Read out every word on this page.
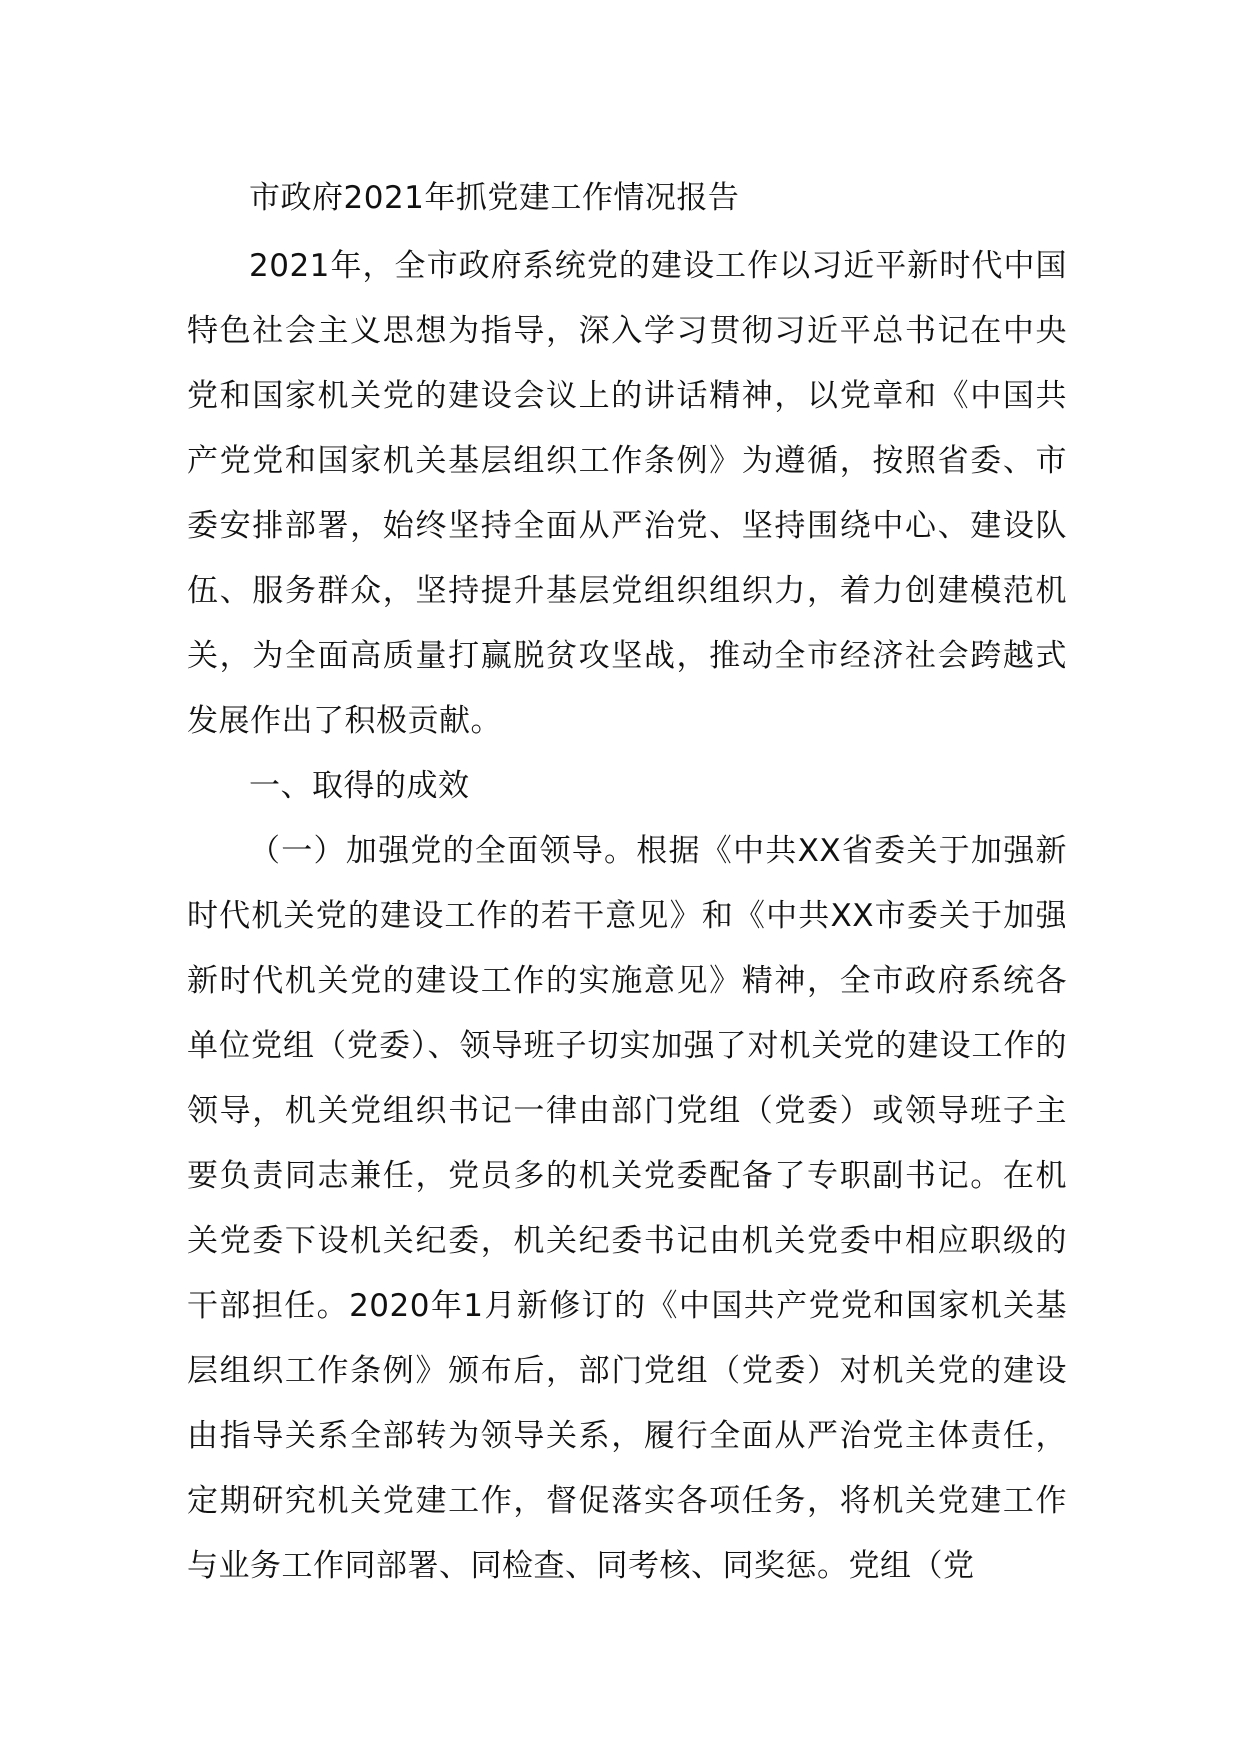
市政府2021年抓党建工作情况报告

2021年，全市政府系统党的建设工作以习近平新时代中国特色社会主义思想为指导，深入学习贯彻习近平总书记在中央党和国家机关党的建设会议上的讲话精神，以党章和《中国共产党党和国家机关基层组织工作条例》为遵循，按照省委、市委安排部署，始终坚持全面从严治党、坚持围绕中心、建设队伍、服务群众，坚持提升基层党组织组织力，着力创建模范机关，为全面高质量打赢脱贫攻坚战，推动全市经济社会跨越式发展作出了积极贡献。

一、取得的成效

（一）加强党的全面领导。根据《中共XX省委关于加强新时代机关党的建设工作的若干意见》和《中共XX市委关于加强新时代机关党的建设工作的实施意见》精神，全市政府系统各单位党组（党委）、领导班子切实加强了对机关党的建设工作的领导，机关党组织书记一律由部门党组（党委）或领导班子主要负责同志兼任，党员多的机关党委配备了专职副书记。在机关党委下设机关纪委，机关纪委书记由机关党委中相应职级的干部担任。2020年1月新修订的《中国共产党党和国家机关基层组织工作条例》颁布后，部门党组（党委）对机关党的建设由指导关系全部转为领导关系，履行全面从严治党主体责任，定期研究机关党建工作，督促落实各项任务，将机关党建工作与业务工作同部署、同检查、同考核、同奖惩。党组（党
